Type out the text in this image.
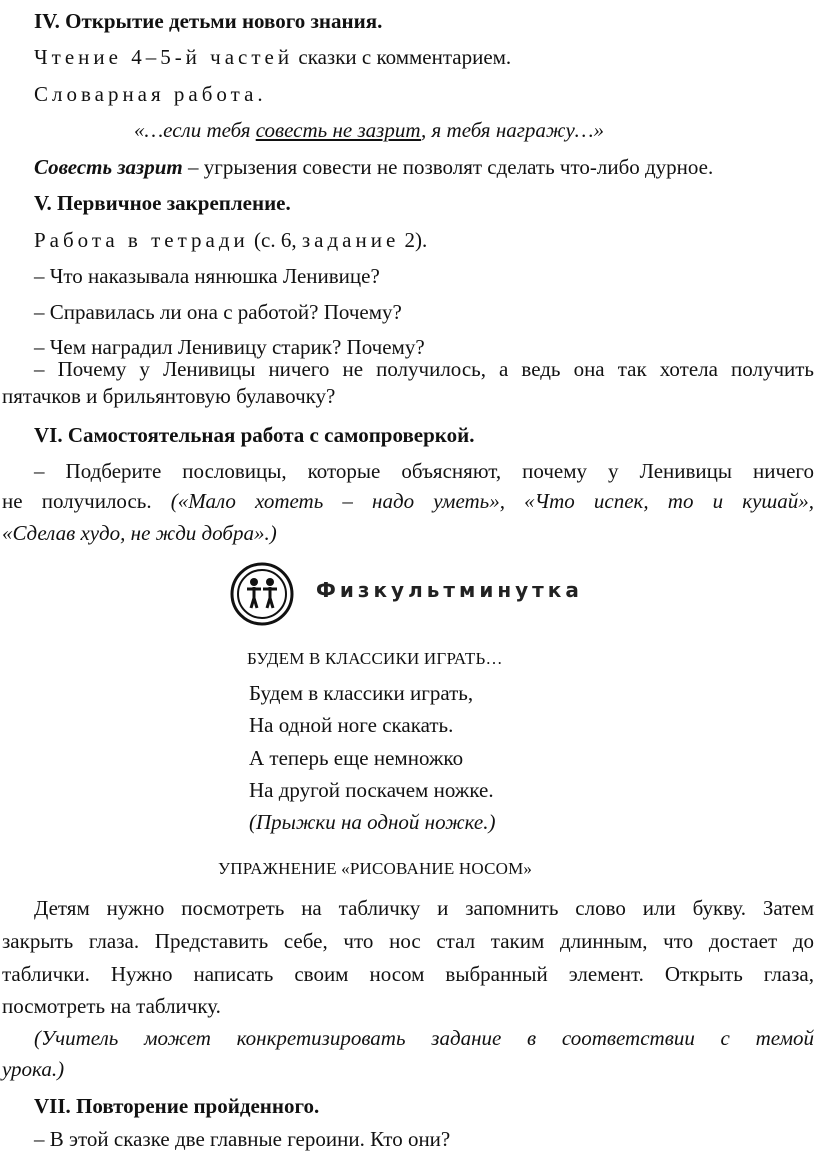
IV. Открытие детьми нового знания.
Чтение 4–5-й частей сказки с комментарием.
Словарная работа.
«…если тебя совесть не зазрит, я тебя награжу…»
Совесть зазрит – угрызения совести не позволят сделать что-либо дурное.
V. Первичное закрепление.
Работа в тетради (с. 6, задание 2).
– Что наказывала нянюшка Ленивице?
– Справилась ли она с работой? Почему?
– Чем наградил Ленивицу старик? Почему?
– Почему у Ленивицы ничего не получилось, а ведь она так хотела получить
пятачков и брильянтовую булавочку?
VI. Самостоятельная работа с самопроверкой.
– Подберите пословицы, которые объясняют, почему у Ленивицы ничего
не получилось. («Мало хотеть – надо уметь», «Что испек, то и кушай»,
«Сделав худо, не жди добра».)
Физкультминутка
БУДЕМ В КЛАССИКИ ИГРАТЬ…
Будем в классики играть,
На одной ноге скакать.
А теперь еще немножко
На другой поскачем ножке.
(Прыжки на одной ножке.)
УПРАЖНЕНИЕ «РИСОВАНИЕ НОСОМ»
Детям нужно посмотреть на табличку и запомнить слово или букву. Затем
закрыть глаза. Представить себе, что нос стал таким длинным, что достает до
таблички. Нужно написать своим носом выбранный элемент. Открыть глаза,
посмотреть на табличку.
(Учитель может конкретизировать задание в соответствии с темой
урока.)
VII. Повторение пройденного.
– В этой сказке две главные героини. Кто они?
